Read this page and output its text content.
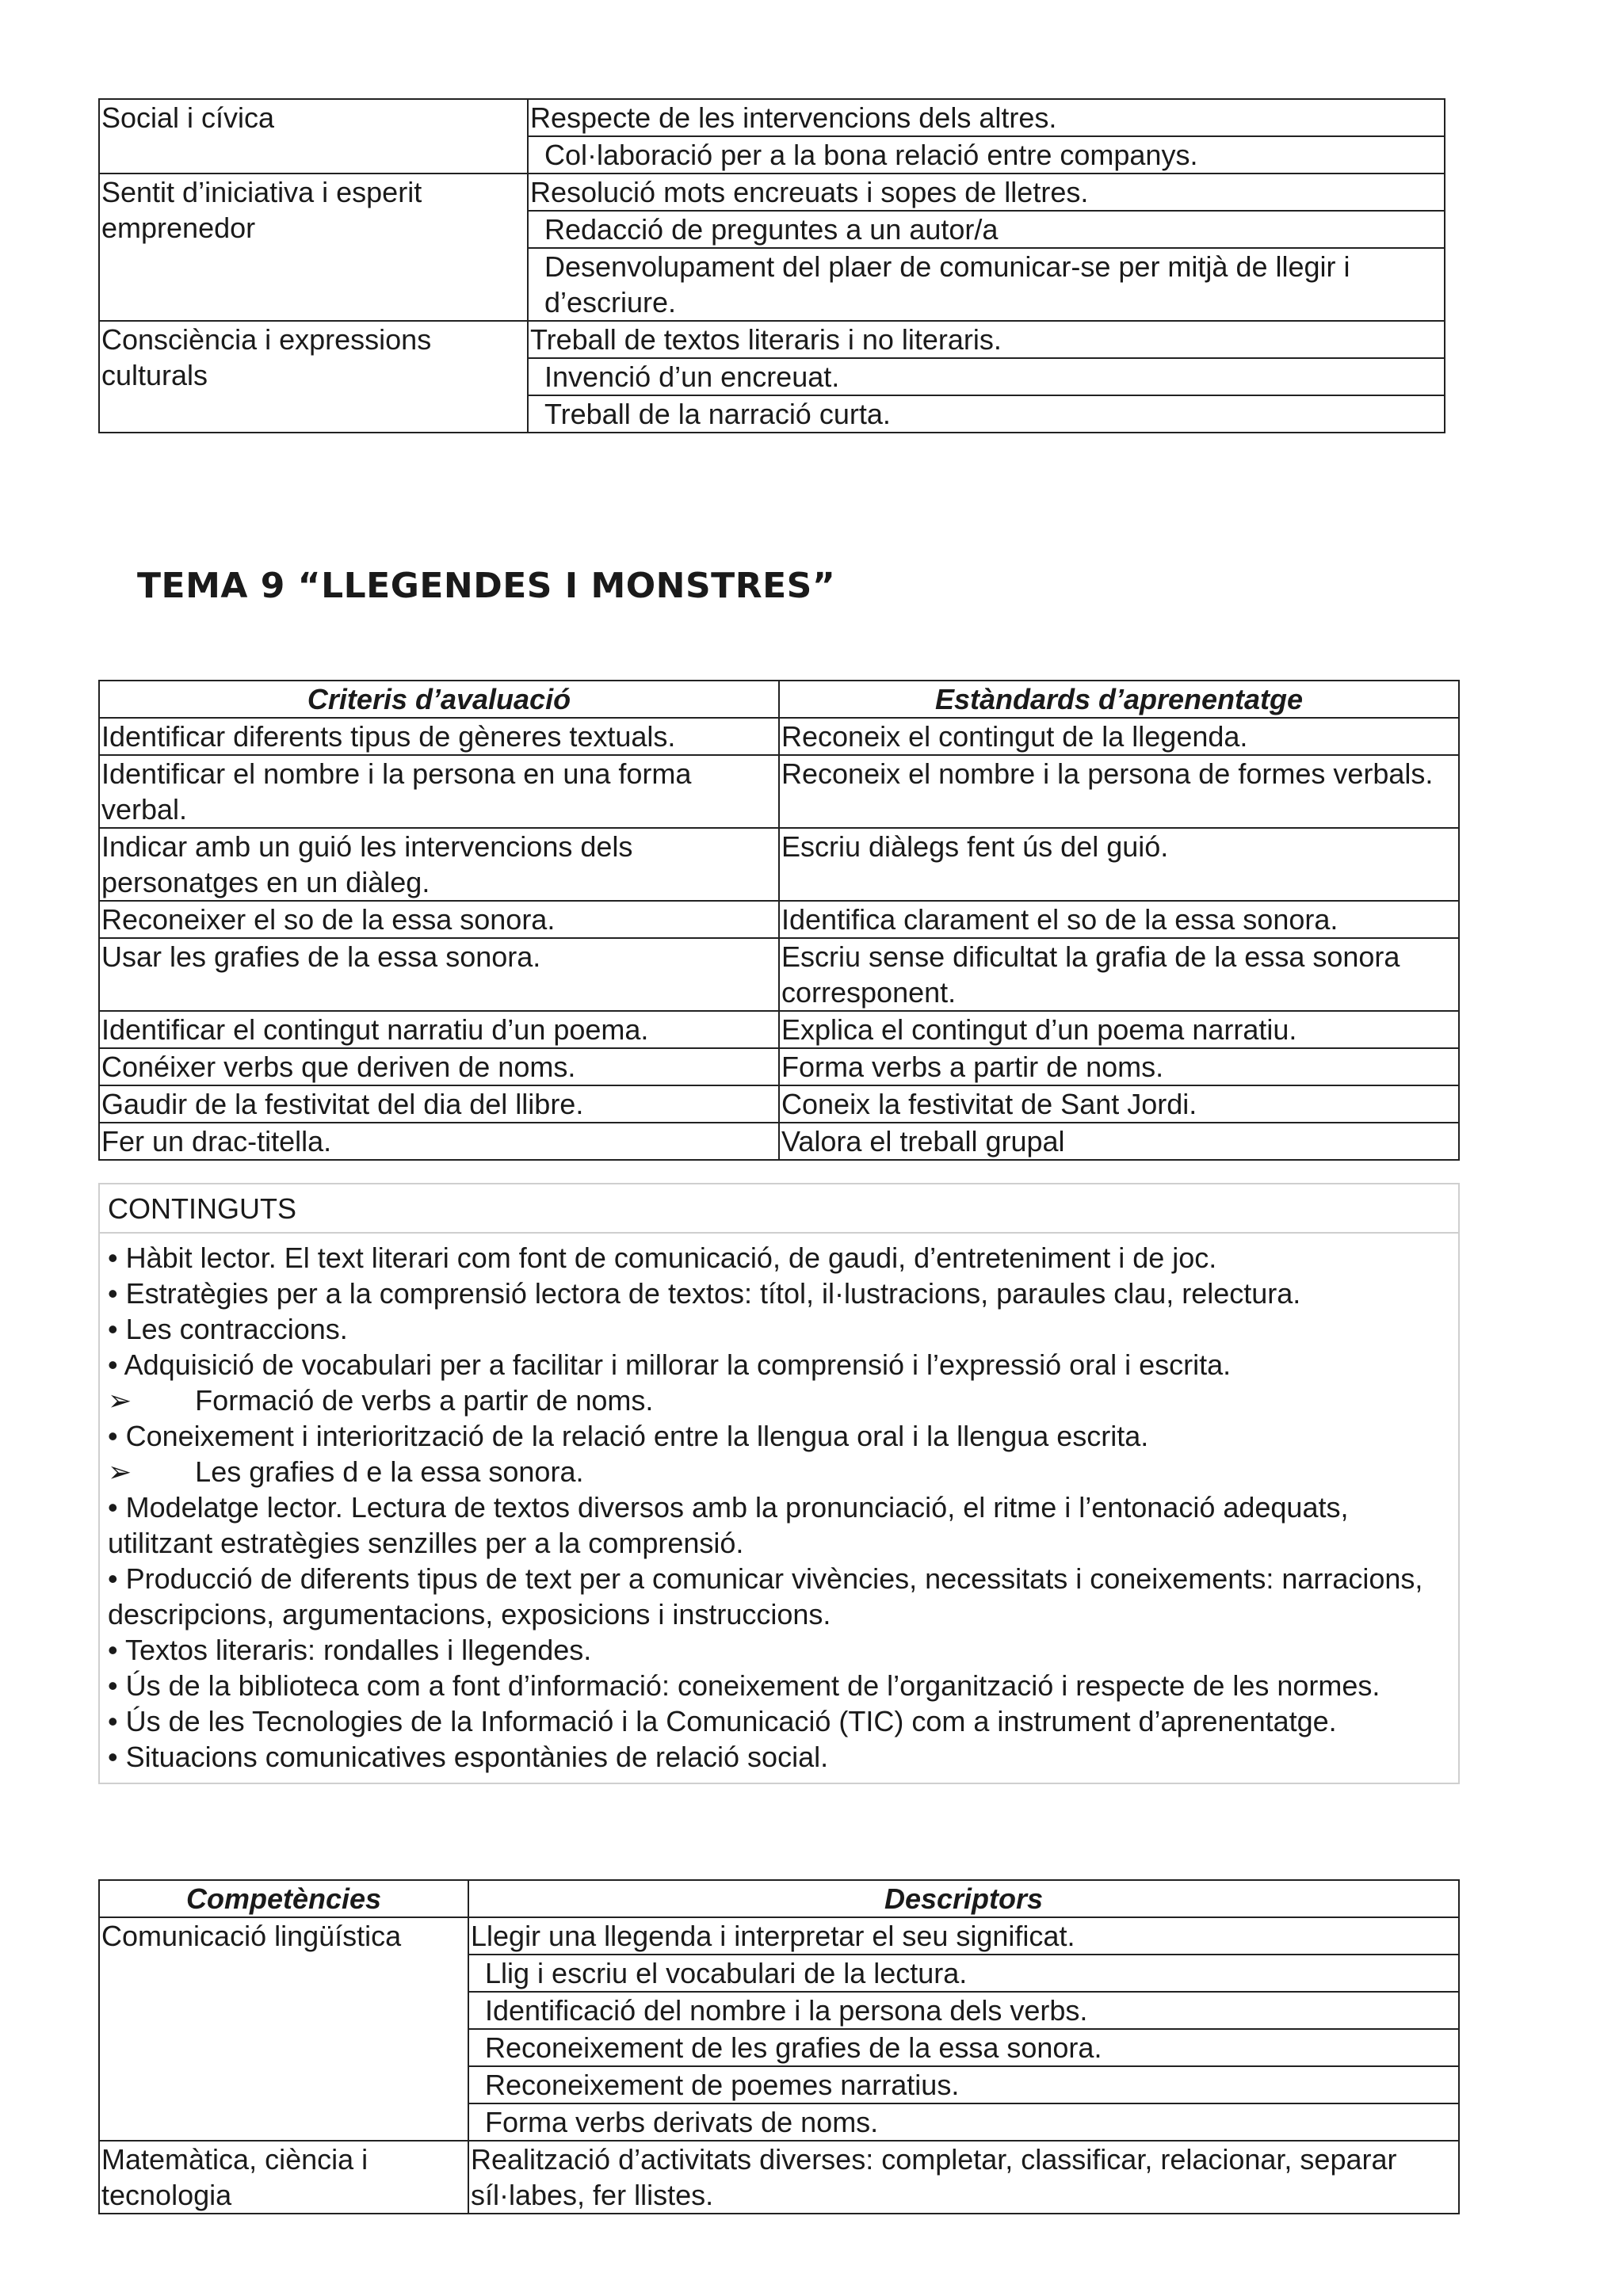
Social i cívica	Respecte de les intervencions dels altres.
	Col·laboració per a la bona relació entre companys.
Sentit d’iniciativa i esperit emprenedor	Resolució mots encreuats i sopes de lletres.
	Redacció de preguntes a un autor/a
	Desenvolupament del plaer de comunicar-se per mitjà de llegir i d’escriure.
Consciència i expressions culturals	Treball de textos literaris i no literaris.
	Invenció d’un encreuat.
	Treball de la narració curta.
TEMA 9 “LLEGENDES I MONSTRES”
Criteris d’avaluació	Estàndards d’aprenentatge
Identificar diferents tipus de gèneres textuals.	Reconeix el contingut de la llegenda.
Identificar el nombre i la persona en una forma verbal.	Reconeix el nombre i la persona de formes verbals.
Indicar amb un guió les intervencions dels personatges en un diàleg.	Escriu diàlegs fent ús del guió.
Reconeixer el so de la essa sonora.	Identifica clarament el so de la essa sonora.
Usar les grafies de la essa sonora.	Escriu sense dificultat la grafia de la essa sonora corresponent.
Identificar el contingut narratiu d’un poema.	Explica el contingut d’un poema narratiu.
Conéixer verbs que deriven de noms.	Forma verbs a partir de noms.
Gaudir de la festivitat del dia del llibre.	Coneix la festivitat de Sant Jordi.
Fer un drac-titella.	Valora el treball grupal
CONTINGUTS
• Hàbit lector. El text literari com font de comunicació, de gaudi, d’entreteniment i de joc.
• Estratègies per a la comprensió lectora de textos: títol, il·lustracions, paraules clau, relectura.
• Les contraccions.
• Adquisició de vocabulari per a facilitar i millorar la comprensió i l’expressió oral i escrita.
➢        Formació de verbs a partir de noms.
• Coneixement i interiorització de la relació entre la llengua oral i la llengua escrita.
➢        Les grafies d e la essa sonora.
• Modelatge lector. Lectura de textos diversos amb la pronunciació, el ritme i l’entonació adequats, utilitzant estratègies senzilles per a la comprensió.
• Producció de diferents tipus de text per a comunicar vivències, necessitats i coneixements: narracions, descripcions, argumentacions, exposicions i instruccions.
• Textos literaris: rondalles i llegendes.
• Ús de la biblioteca com a font d’informació: coneixement de l’organització i respecte de les normes.
• Ús de les Tecnologies de la Informació i la Comunicació (TIC) com a instrument d’aprenentatge.
• Situacions comunicatives espontànies de relació social.
Competències	Descriptors
Comunicació lingüística	Llegir una llegenda i interpretar el seu significat.
	Llig i escriu el vocabulari de la lectura.
	Identificació del nombre i la persona dels verbs.
	Reconeixement de les grafies de la essa sonora.
	Reconeixement de poemes narratius.
	Forma verbs derivats de noms.
Matemàtica, ciència i tecnologia	Realització d’activitats diverses: completar, classificar, relacionar, separar síl·labes, fer llistes.
